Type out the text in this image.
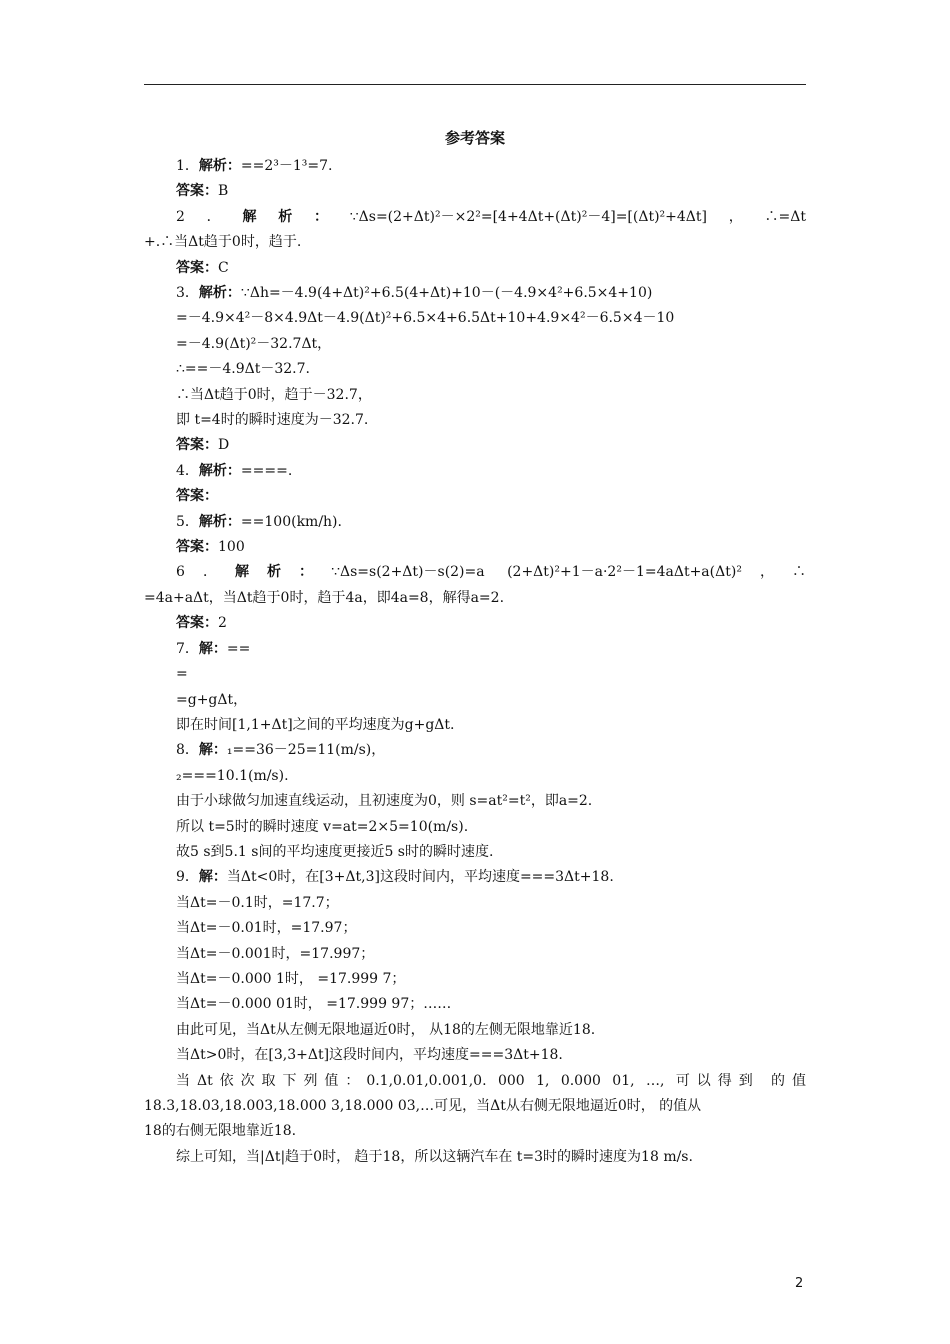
参考答案
1．解析：==2³－1³=7.
答案：B
2．解析：∵Δs=(2+Δt)²－×2²=[4+4Δt+(Δt)²－4]=[(Δt)²+4Δt]，∴=Δt
+.∴当Δt趋于0时，趋于.
答案：C
3．解析：∵Δh=－4.9(4+Δt)²+6.5(4+Δt)+10－(－4.9×4²+6.5×4+10)
=－4.9×4²－8×4.9Δt－4.9(Δt)²+6.5×4+6.5Δt+10+4.9×4²－6.5×4－10
=－4.9(Δt)²－32.7Δt，
∴==－4.9Δt－32.7.
∴当Δt趋于0时，趋于－32.7，
即 t=4时的瞬时速度为－32.7.
答案：D
4．解析：====.
答案：
5．解析：==100(km/h).
答案：100
6．解析：∵Δs=s(2+Δt)－s(2)=a (2+Δt)²+1－a·2²－1=4aΔt+a(Δt)²，∴
=4a+aΔt，当Δt趋于0时，趋于4a，即4a=8，解得a=2.
答案：2
7．解：==
=
=g+gΔt，
即在时间[1,1+Δt]之间的平均速度为g+gΔt.
8．解：₁==36－25=11(m/s)，
₂===10.1(m/s).
由于小球做匀加速直线运动，且初速度为0，则 s=at²=t²，即a=2.
所以 t=5时的瞬时速度 v=at=2×5=10(m/s).
故5 s到5.1 s间的平均速度更接近5 s时的瞬时速度.
9．解：当Δt<0时，在[3+Δt,3]这段时间内，平均速度===3Δt+18.
当Δt=－0.1时，=17.7；
当Δt=－0.01时，=17.97；
当Δt=－0.001时，=17.997；
当Δt=－0.000 1时， =17.999 7；
当Δt=－0.000 01时， =17.999 97；……
由此可见，当Δt从左侧无限地逼近0时， 从18的左侧无限地靠近18.
当Δt>0时，在[3,3+Δt]这段时间内，平均速度===3Δt+18.
当Δt依次取下列值：0.1,0.01,0.001,0. 000 1, 0.000 01, …, 可以得到 的值
18.3,18.03,18.003,18.000 3,18.000 03,…可见，当Δt从右侧无限地逼近0时， 的值从
18的右侧无限地靠近18.
综上可知，当|Δt|趋于0时， 趋于18，所以这辆汽车在 t=3时的瞬时速度为18 m/s.
2
